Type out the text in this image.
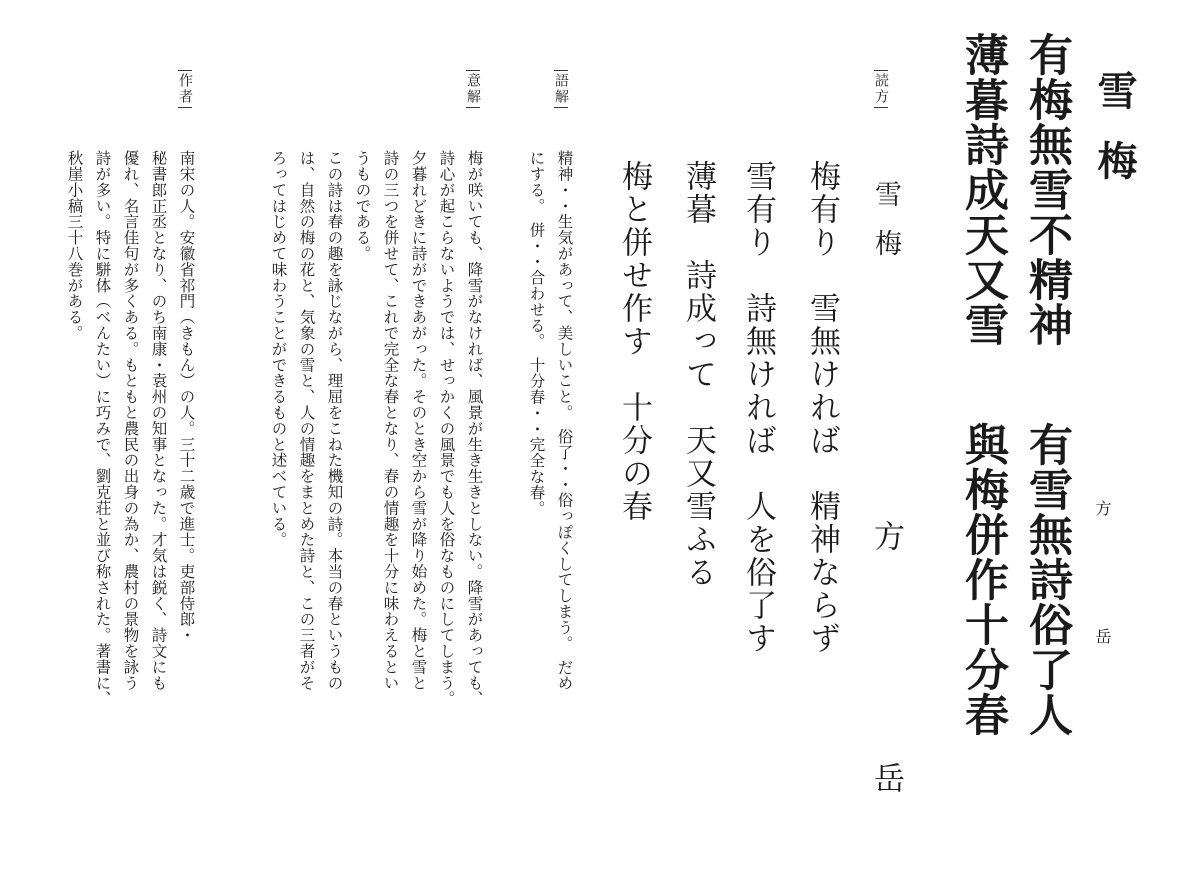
雪梅
方　　　　　　　岳
有梅無雪不精神
有雪無詩俗了人
薄暮詩成天又雪
與梅併作十分春
読方
雪梅
方　岳
梅有り　雪無ければ　精神ならず
雪有り　詩無ければ　人を俗了す
薄暮　詩成って　天又雪ふる
梅と併せ作す　十分の春
語解
精神・・生気があって、美しいこと。　俗了・・俗っぽくしてしまう。　だめ
にする。　併・・合わせる。　十分春・・完全な春。
意解
梅が咲いても、降雪がなければ、風景が生き生きとしない。降雪があっても、
詩心が起こらないようでは、せっかくの風景でも人を俗なものにしてしまう。
夕暮れどきに詩ができあがった。そのとき空から雪が降り始めた。梅と雪と
詩の三つを併せて、これで完全な春となり、春の情趣を十分に味わえるとい
うものである。
この詩は春の趣を詠じながら、理屈をこねた機知の詩。本当の春というもの
は、自然の梅の花と、気象の雪と、人の情趣をまとめた詩と、この三者がそ
ろってはじめて味わうことができるものと述べている。
作者
南宋の人。安徽省祁門（きもん）の人。三十二歳で進士。吏部侍郎・
秘書郎正丞となり、のち南康・袁州の知事となった。才気は鋭く、詩文にも
優れ、名言佳句が多くある。もともと農民の出身の為か、農村の景物を詠う
詩が多い。特に駢体（べんたい）に巧みで、劉克荘と並び称された。著書に、
秋崖小稿三十八巻がある。
